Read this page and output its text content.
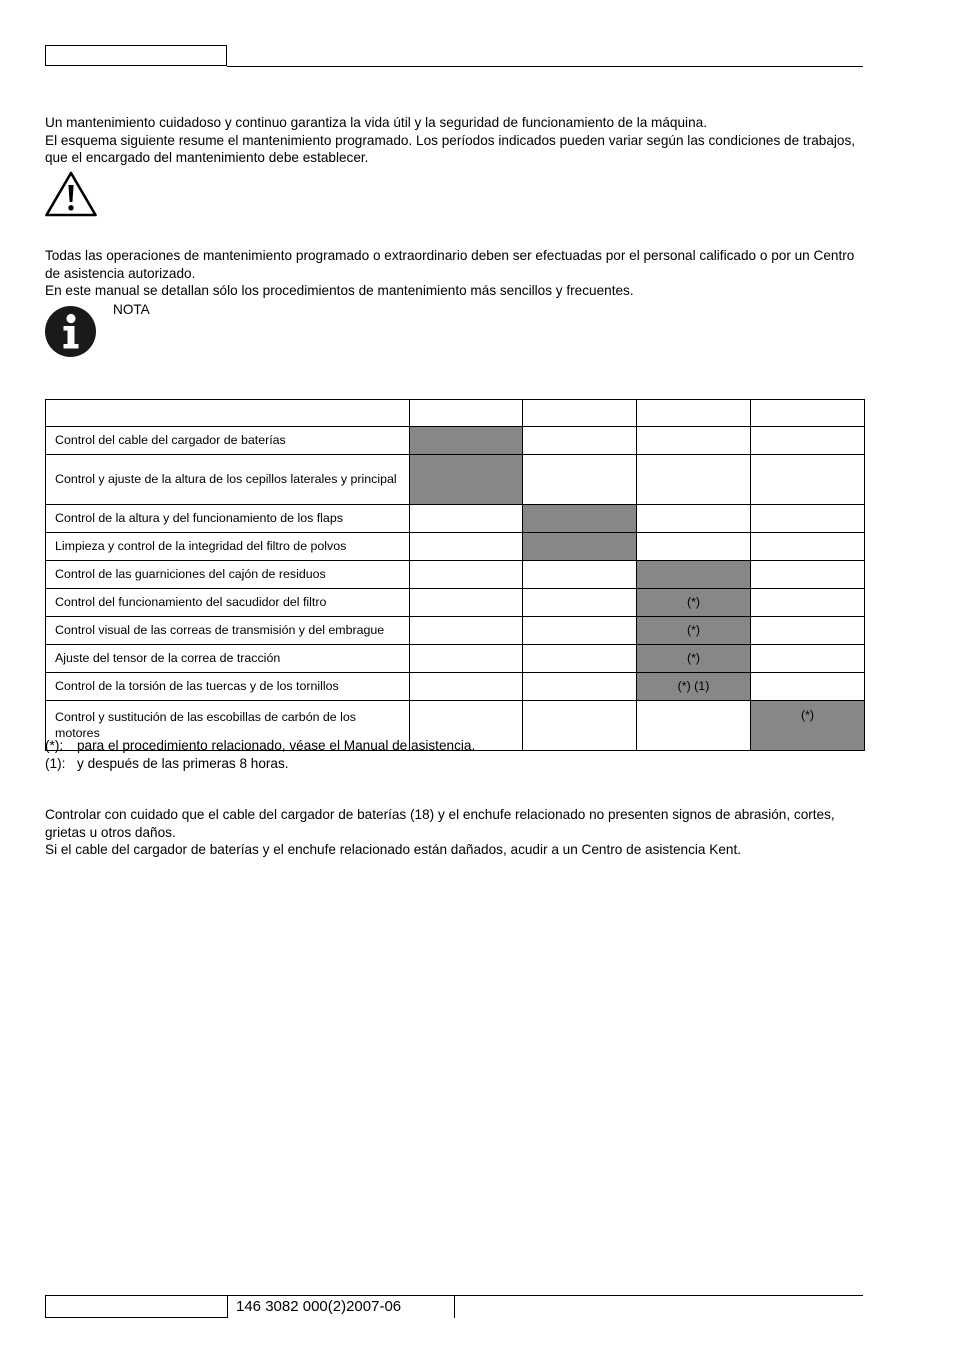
Un mantenimiento cuidadoso y continuo garantiza la vida útil y la seguridad de funcionamiento de la máquina.

El esquema siguiente resume el mantenimiento programado. Los períodos indicados pueden variar según las condiciones de trabajos, que el encargado del mantenimiento debe establecer.

Todas las operaciones de mantenimiento programado o extraordinario deben ser efectuadas por el personal calificado o por un Centro de asistencia autorizado.

En este manual se detallan sólo los procedimientos de mantenimiento más sencillos y frecuentes.

NOTA

Control del cable del cargador de baterías				
Control y ajuste de la altura de los cepillos laterales y principal				
Control de la altura y del funcionamiento de los flaps				
Limpieza y control de la integridad del filtro de polvos				
Control de las guarniciones del cajón de residuos				
Control del funcionamiento del sacudidor del filtro			(*)	
Control visual de las correas de transmisión y del embrague			(*)	
Ajuste del tensor de la correa de tracción			(*)	
Control de la torsión de las tuercas y de los tornillos			(*) (1)	
Control y sustitución de las escobillas de carbón de los motores				(*)
(*):	para el procedimiento relacionado, véase el Manual de asistencia.
(1): y después de las primeras 8 horas.

Controlar con cuidado que el cable del cargador de baterías (18) y el enchufe relacionado no presenten signos de abrasión, cortes, grietas u otros daños.

Si el cable del cargador de baterías y el enchufe relacionado están dañados, acudir a un Centro de asistencia Kent.

146 3082 000(2)2007-06
